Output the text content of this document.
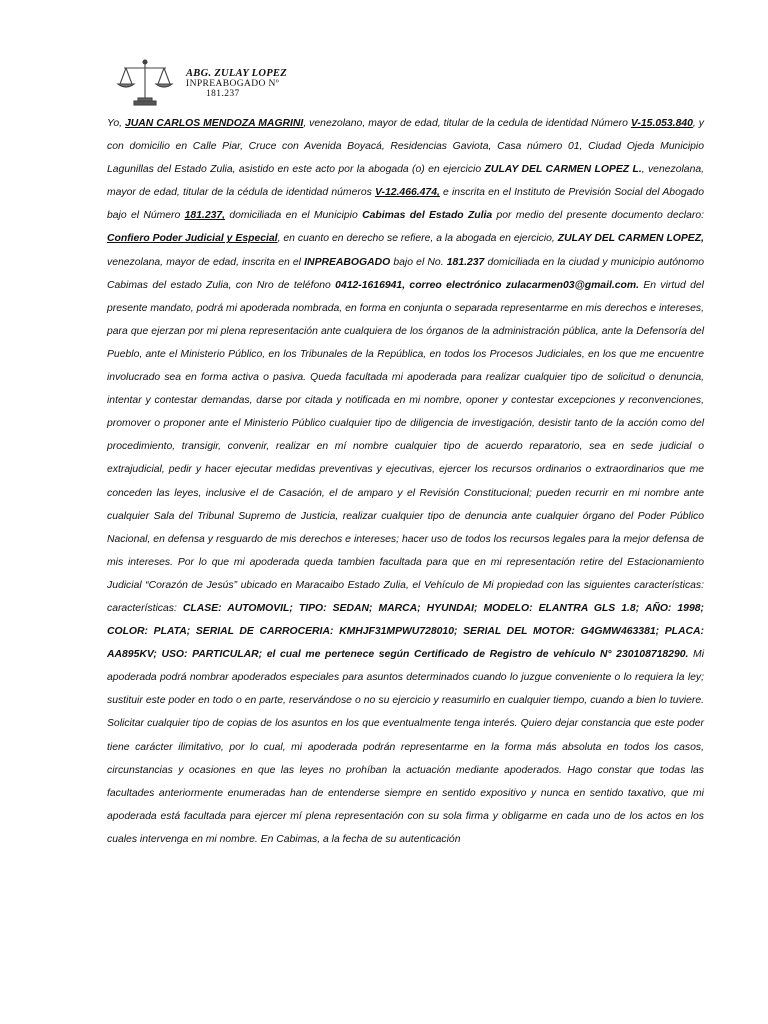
ABG. ZULAY LOPEZ
INPREABOGADO Nº
181.237

Yo, JUAN CARLOS MENDOZA MAGRINI, venezolano, mayor de edad, titular de la cedula de identidad Número V-15.053.840, y con domicilio en Calle Piar, Cruce con Avenida Boyacá, Residencias Gaviota, Casa número 01, Ciudad Ojeda Municipio Lagunillas del Estado Zulia, asistido en este acto por la abogada (o) en ejercicio ZULAY DEL CARMEN LOPEZ L., venezolana, mayor de edad, titular de la cédula de identidad números V-12.466.474, e inscrita en el Instituto de Previsión Social del Abogado bajo el Número 181.237, domiciliada en el Municipio Cabimas del Estado Zulia por medio del presente documento declaro: Confiero Poder Judicial y Especial, en cuanto en derecho se refiere, a la abogada en ejercicio, ZULAY DEL CARMEN LOPEZ, venezolana, mayor de edad, inscrita en el INPREABOGADO bajo el No. 181.237 domiciliada en la ciudad y municipio autónomo Cabimas del estado Zulia, con Nro de teléfono 0412-1616941, correo electrónico zulacarmen03@gmail.com. En virtud del presente mandato, podrá mi apoderada nombrada, en forma en conjunta o separada representarme en mis derechos e intereses, para que ejerzan por mi plena representación ante cualquiera de los órganos de la administración pública, ante la Defensoría del Pueblo, ante el Ministerio Público, en los Tribunales de la República, en todos los Procesos Judiciales, en los que me encuentre involucrado sea en forma activa o pasiva. Queda facultada mi apoderada para realizar cualquier tipo de solicitud o denuncia, intentar y contestar demandas, darse por citada y notificada en mi nombre, oponer y contestar excepciones y reconvenciones, promover o proponer ante el Ministerio Público cualquier tipo de diligencia de investigación, desistir tanto de la acción como del procedimiento, transigir, convenir, realizar en mí nombre cualquier tipo de acuerdo reparatorio, sea en sede judicial o extrajudicial, pedir y hacer ejecutar medidas preventivas y ejecutivas, ejercer los recursos ordinarios o extraordinarios que me conceden las leyes, inclusive el de Casación, el de amparo y el Revisión Constitucional; pueden recurrir en mi nombre ante cualquier Sala del Tribunal Supremo de Justicia, realizar cualquier tipo de denuncia ante cualquier órgano del Poder Público Nacional, en defensa y resguardo de mis derechos e intereses; hacer uso de todos los recursos legales para la mejor defensa de mis intereses. Por lo que mi apoderada queda tambien facultada para que en mi representación retire del Estacionamiento Judicial “Corazón de Jesús” ubicado en Maracaibo Estado Zulia, el Vehículo de Mi propiedad con las siguientes características: características: CLASE: AUTOMOVIL; TIPO: SEDAN; MARCA; HYUNDAI; MODELO: ELANTRA GLS 1.8; AÑO: 1998; COLOR: PLATA; SERIAL DE CARROCERIA: KMHJF31MPWU728010; SERIAL DEL MOTOR: G4GMW463381; PLACA: AA895KV; USO: PARTICULAR; el cual me pertenece según Certificado de Registro de vehículo N° 230108718290. Mi apoderada podrá nombrar apoderados especiales para asuntos determinados cuando lo juzgue conveniente o lo requiera la ley; sustituir este poder en todo o en parte, reservándose o no su ejercicio y reasumirlo en cualquier tiempo, cuando a bien lo tuviere. Solicitar cualquier tipo de copias de los asuntos en los que eventualmente tenga interés. Quiero dejar constancia que este poder tiene carácter ilimitativo, por lo cual, mi apoderada podrán representarme en la forma más absoluta en todos los casos, circunstancias y ocasiones en que las leyes no prohíban la actuación mediante apoderados. Hago constar que todas las facultades anteriormente enumeradas han de entenderse siempre en sentido expositivo y nunca en sentido taxativo, que mi apoderada está facultada para ejercer mí plena representación con su sola firma y obligarme en cada uno de los actos en los cuales intervenga en mi nombre. En Cabimas, a la fecha de su autenticación
